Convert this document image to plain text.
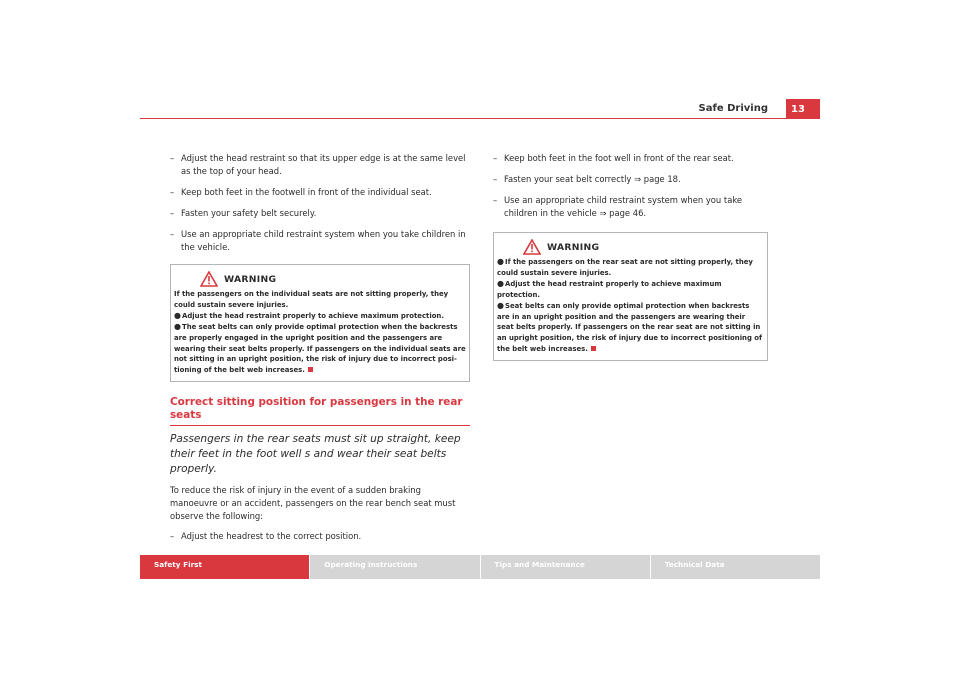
Safe Driving	13
– Adjust the head restraint so that its upper edge is at the same level as the top of your head.
– Keep both feet in the footwell in front of the individual seat.
– Fasten your safety belt securely.
– Use an appropriate child restraint system when you take children in the vehicle.
WARNING
If the passengers on the individual seats are not sitting properly, they could sustain severe injuries.
●Adjust the head restraint properly to achieve maximum protection.
●The seat belts can only provide optimal protection when the backrests are properly engaged in the upright position and the passengers are wearing their seat belts properly. If passengers on the individual seats are not sitting in an upright position, the risk of injury due to incorrect posi-tioning of the belt web increases.
Correct sitting position for passengers in the rear seats
Passengers in the rear seats must sit up straight, keep their feet in the foot well s and wear their seat belts properly.
To reduce the risk of injury in the event of a sudden braking manoeuvre or an accident, passengers on the rear bench seat must observe the following:
– Adjust the headrest to the correct position.
– Keep both feet in the foot well in front of the rear seat.
– Fasten your seat belt correctly ⇒ page 18.
– Use an appropriate child restraint system when you take children in the vehicle ⇒ page 46.
WARNING
●If the passengers on the rear seat are not sitting properly, they could sustain severe injuries.
●Adjust the head restraint properly to achieve maximum protection.
●Seat belts can only provide optimal protection when backrests are in an upright position and the passengers are wearing their seat belts properly. If passengers on the rear seat are not sitting in an upright position, the risk of injury due to incorrect positioning of the belt web increases.
Safety First	Operating instructions	Tips and Maintenance	Technical Data
